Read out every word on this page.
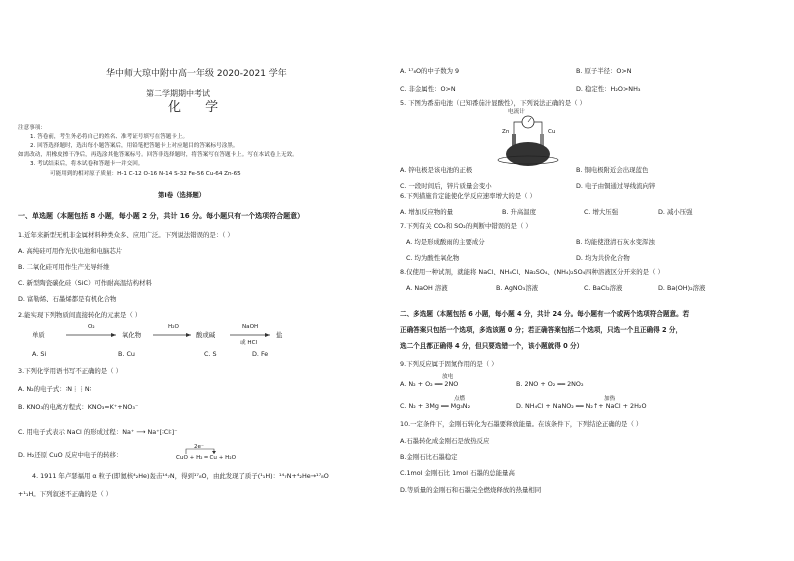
华中师大琼中附中高一年级 2020-2021 学年
第二学期期中考试
化 学
注意事项：
1. 答卷前，考生务必将自己的姓名、准考证号填写在答题卡上。
2. 回答选择题时，选出每小题答案后，用铅笔把答题卡上对应题目的答案标号涂黑。
如需改动，用橡皮擦干净后，再选涂其他答案标号。回答非选择题时，将答案写在答题卡上。写在本试卷上无效。
3. 考试结束后，将本试卷和答题卡一并交回。
可能用到的相对原子质量：H-1 C-12 O-16 N-14 S-32 Fe-56 Cu-64 Zn-65
第Ⅰ卷（选择题）
一、单选题（本题包括 8 小题，每小题 2 分，共计 16 分。每小题只有一个选项符合题意）
1.近年来新型无机非金属材料种类众多、应用广泛。下列说法错误的是：（ ）
A. 高纯硅可用作光伏电池和电脑芯片
B. 二氧化硅可用作生产光导纤维
C. 新型陶瓷碳化硅（SiC）可作耐高温结构材料
D. 富勒烯、石墨烯都是有机化合物
2.能实现下列物质间直接转化的元素是（ ）
单质
O₂
氧化物
H₂O
酸或碱
NaOH
或 HCl
盐
A. Si	B. Cu	C. S	D. Fe
3.下列化学用语书写不正确的是（ ）
A. N₂的电子式：∶N⋮⋮N∶
B. KNO₃的电离方程式：KNO₃=K⁺+NO₃⁻
C. 用电子式表示 NaCl 的形成过程：Na⁺ ⟶ Na⁺[∶Cl∶]⁻
2e⁻
D. H₂还原 CuO 反应中电子的转移：	CuO + H₂ ═ Cu + H₂O
4. 1911 年卢瑟福用 α 粒子(即氦核⁴₂He)轰击¹⁴₇N，得到¹⁷₈O，由此发现了质子(¹₁H)：¹⁴₇N+⁴₂He→¹⁷₈O
+¹₁H。下列叙述不正确的是（ ）
A. ¹⁷₈O的中子数为 9	B. 原子半径：O>N
C. 非金属性：O>N	D. 稳定性：H₂O>NH₃
5. 下图为番茄电池（已知番茄汁显酸性），下列说法正确的是（ ）
电流计
Zn	Cu
A. 锌电极是该电池的正极	B. 铜电极附近会出现蓝色
C. 一段时间后，锌片质量会变小	D. 电子由铜通过导线流向锌
6.下列措施肯定能使化学反应速率增大的是（ ）
A. 增加反应物的量	B. 升高温度	C. 增大压强	D. 减小压强
7.下列有关 CO₂和 SO₂的判断中错误的是（ ）
A. 均是形成酸雨的主要成分	B. 均能使澄清石灰水变浑浊
C. 均为酸性氧化物	D. 均为共价化合物
8.仅使用一种试剂，就能将 NaCl、NH₄Cl、Na₂SO₄、(NH₄)₂SO₄四种溶液区分开来的是（ ）
A. NaOH 溶液	B. AgNO₃溶液	C. BaCl₂溶液	D. Ba(OH)₂溶液
二、多选题（本题包括 6 小题，每小题 4 分，共计 24 分。每小题有一个或两个选项符合题意。若
正确答案只包括一个选项，多选该题 0 分；若正确答案包括二个选项，只选一个且正确得 2 分，
选二个且都正确得 4 分，但只要选错一个，该小题就得 0 分）
9.下列反应属于固氮作用的是（ ）
放电
A. N₂ + O₂ ══ 2NO	B. 2NO + O₂ ══ 2NO₂
点燃
C. N₂ + 3Mg ══ Mg₃N₂
加热
D. NH₄Cl + NaNO₂ ══ N₂↑+ NaCl + 2H₂O
10.一定条件下，金刚石转化为石墨要释放能量。在该条件下，下列结论正确的是（ ）
A.石墨转化成金刚石是放热反应
B.金刚石比石墨稳定
C.1mol 金刚石比 1mol 石墨的总能量高
D.等质量的金刚石和石墨完全燃烧释放的热量相同
